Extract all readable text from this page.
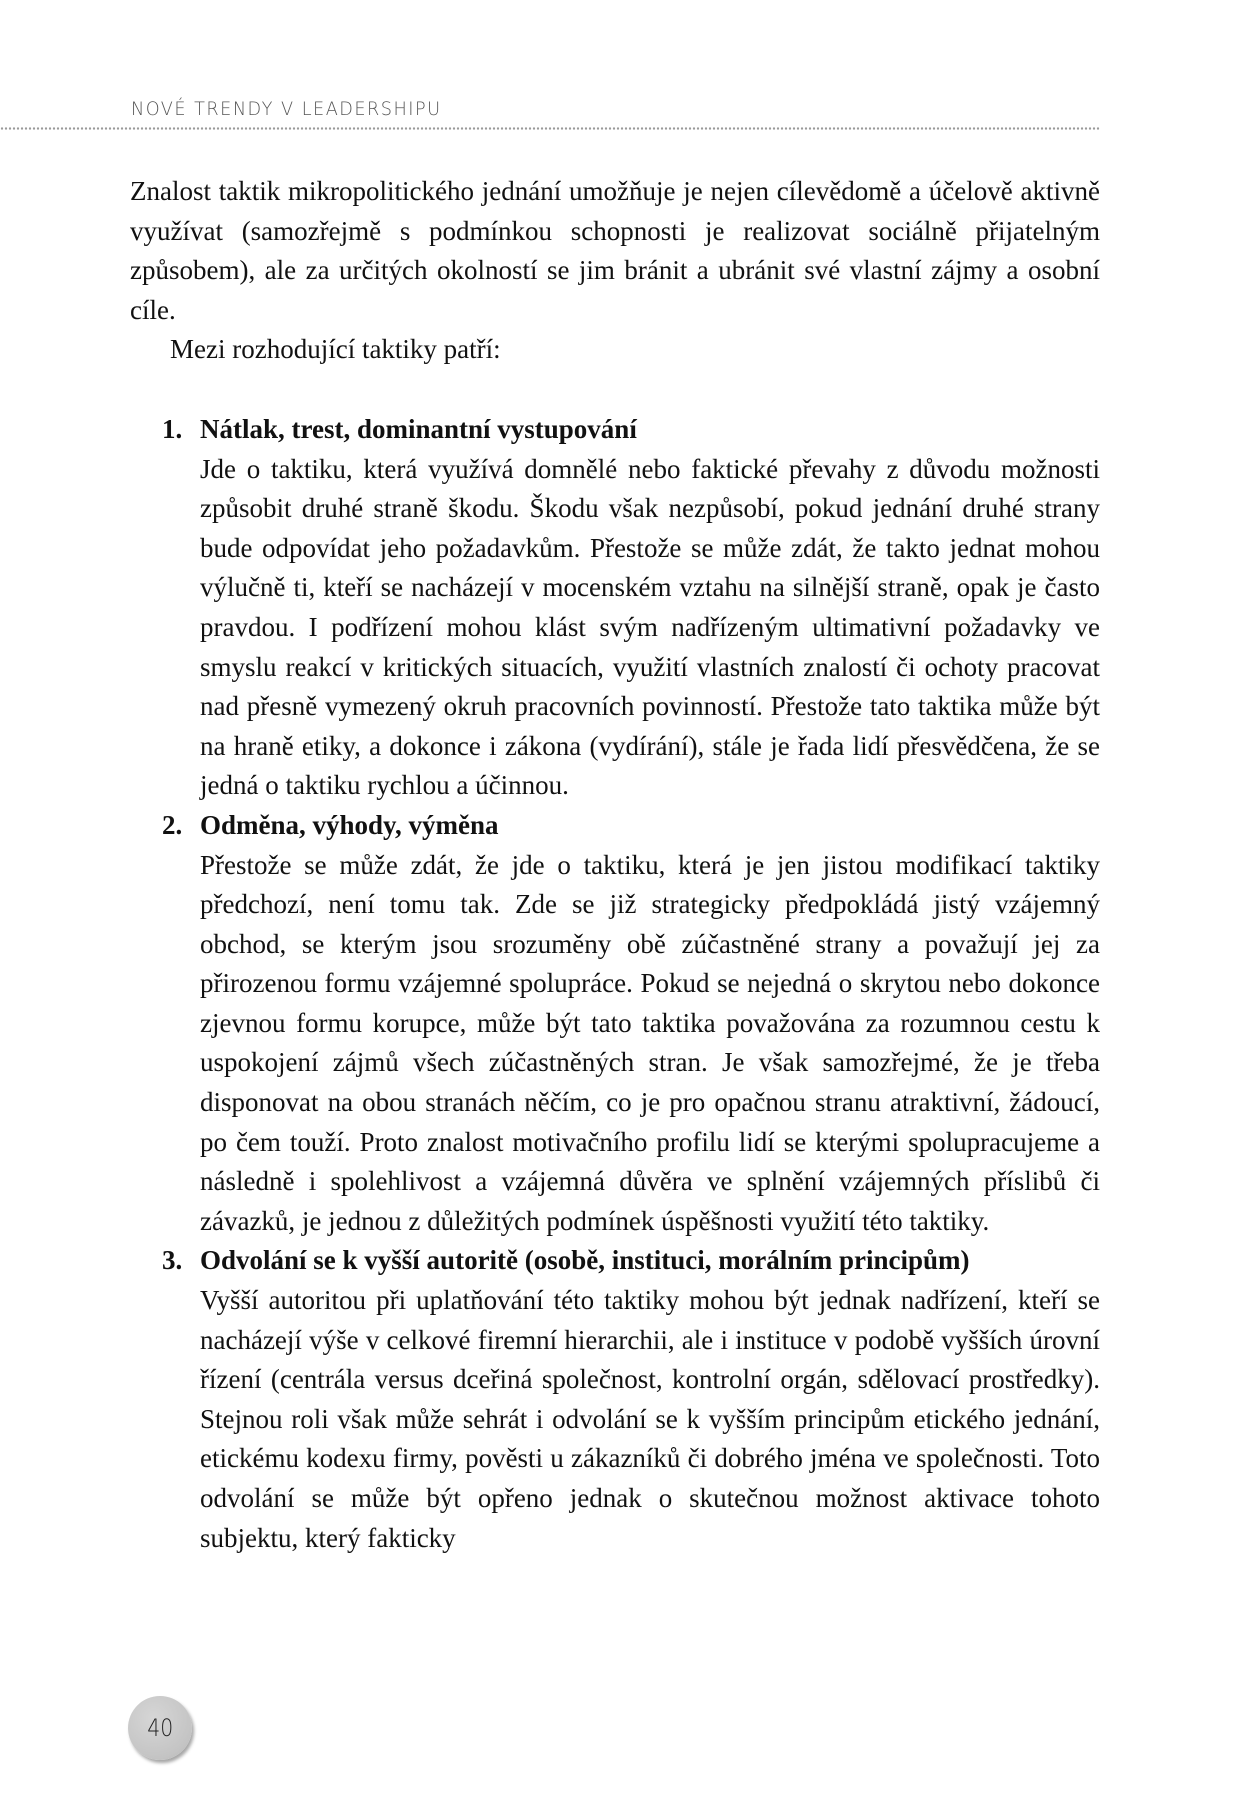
NOVÉ TRENDY V LEADERSHIPU

Znalost taktik mikropolitického jednání umožňuje je nejen cílevědomě a účelově aktivně využívat (samozřejmě s podmínkou schopnosti je realizovat sociálně přijatelným způsobem), ale za určitých okolností se jim bránit a ubránit své vlastní zájmy a osobní cíle.

Mezi rozhodující taktiky patří:

1. Nátlak, trest, dominantní vystupování
Jde o taktiku, která využívá domnělé nebo faktické převahy z důvodu možnosti způsobit druhé straně škodu. Škodu však nezpůsobí, pokud jednání druhé strany bude odpovídat jeho požadavkům. Přestože se může zdát, že takto jednat mohou výlučně ti, kteří se nacházejí v mocenském vztahu na silnější straně, opak je často pravdou. I podřízení mohou klást svým nadřízeným ultimativní požadavky ve smyslu reakcí v kritických situacích, využití vlastních znalostí či ochoty pracovat nad přesně vymezený okruh pracovních povinností. Přestože tato taktika může být na hraně etiky, a dokonce i zákona (vydírání), stále je řada lidí přesvědčena, že se jedná o taktiku rychlou a účinnou.
2. Odměna, výhody, výměna
Přestože se může zdát, že jde o taktiku, která je jen jistou modifikací taktiky předchozí, není tomu tak. Zde se již strategicky předpokládá jistý vzájemný obchod, se kterým jsou srozuměny obě zúčastněné strany a považují jej za přirozenou formu vzájemné spolupráce. Pokud se nejedná o skrytou nebo dokonce zjevnou formu korupce, může být tato taktika považována za rozumnou cestu k uspokojení zájmů všech zúčastněných stran. Je však samozřejmé, že je třeba disponovat na obou stranách něčím, co je pro opačnou stranu atraktivní, žádoucí, po čem touží. Proto znalost motivačního profilu lidí se kterými spolupracujeme a následně i spolehlivost a vzájemná důvěra ve splnění vzájemných příslibů či závazků, je jednou z důležitých podmínek úspěšnosti využití této taktiky.
3. Odvolání se k vyšší autoritě (osobě, instituci, morálním principům)
Vyšší autoritou při uplatňování této taktiky mohou být jednak nadřízení, kteří se nacházejí výše v celkové firemní hierarchii, ale i instituce v podobě vyšších úrovní řízení (centrála versus dceřiná společnost, kontrolní orgán, sdělovací prostředky). Stejnou roli však může sehrát i odvolání se k vyšším principům etického jednání, etickému kodexu firmy, pověsti u zákazníků či dobrého jména ve společnosti. Toto odvolání se může být opřeno jednak o skutečnou možnost aktivace tohoto subjektu, který fakticky
40
